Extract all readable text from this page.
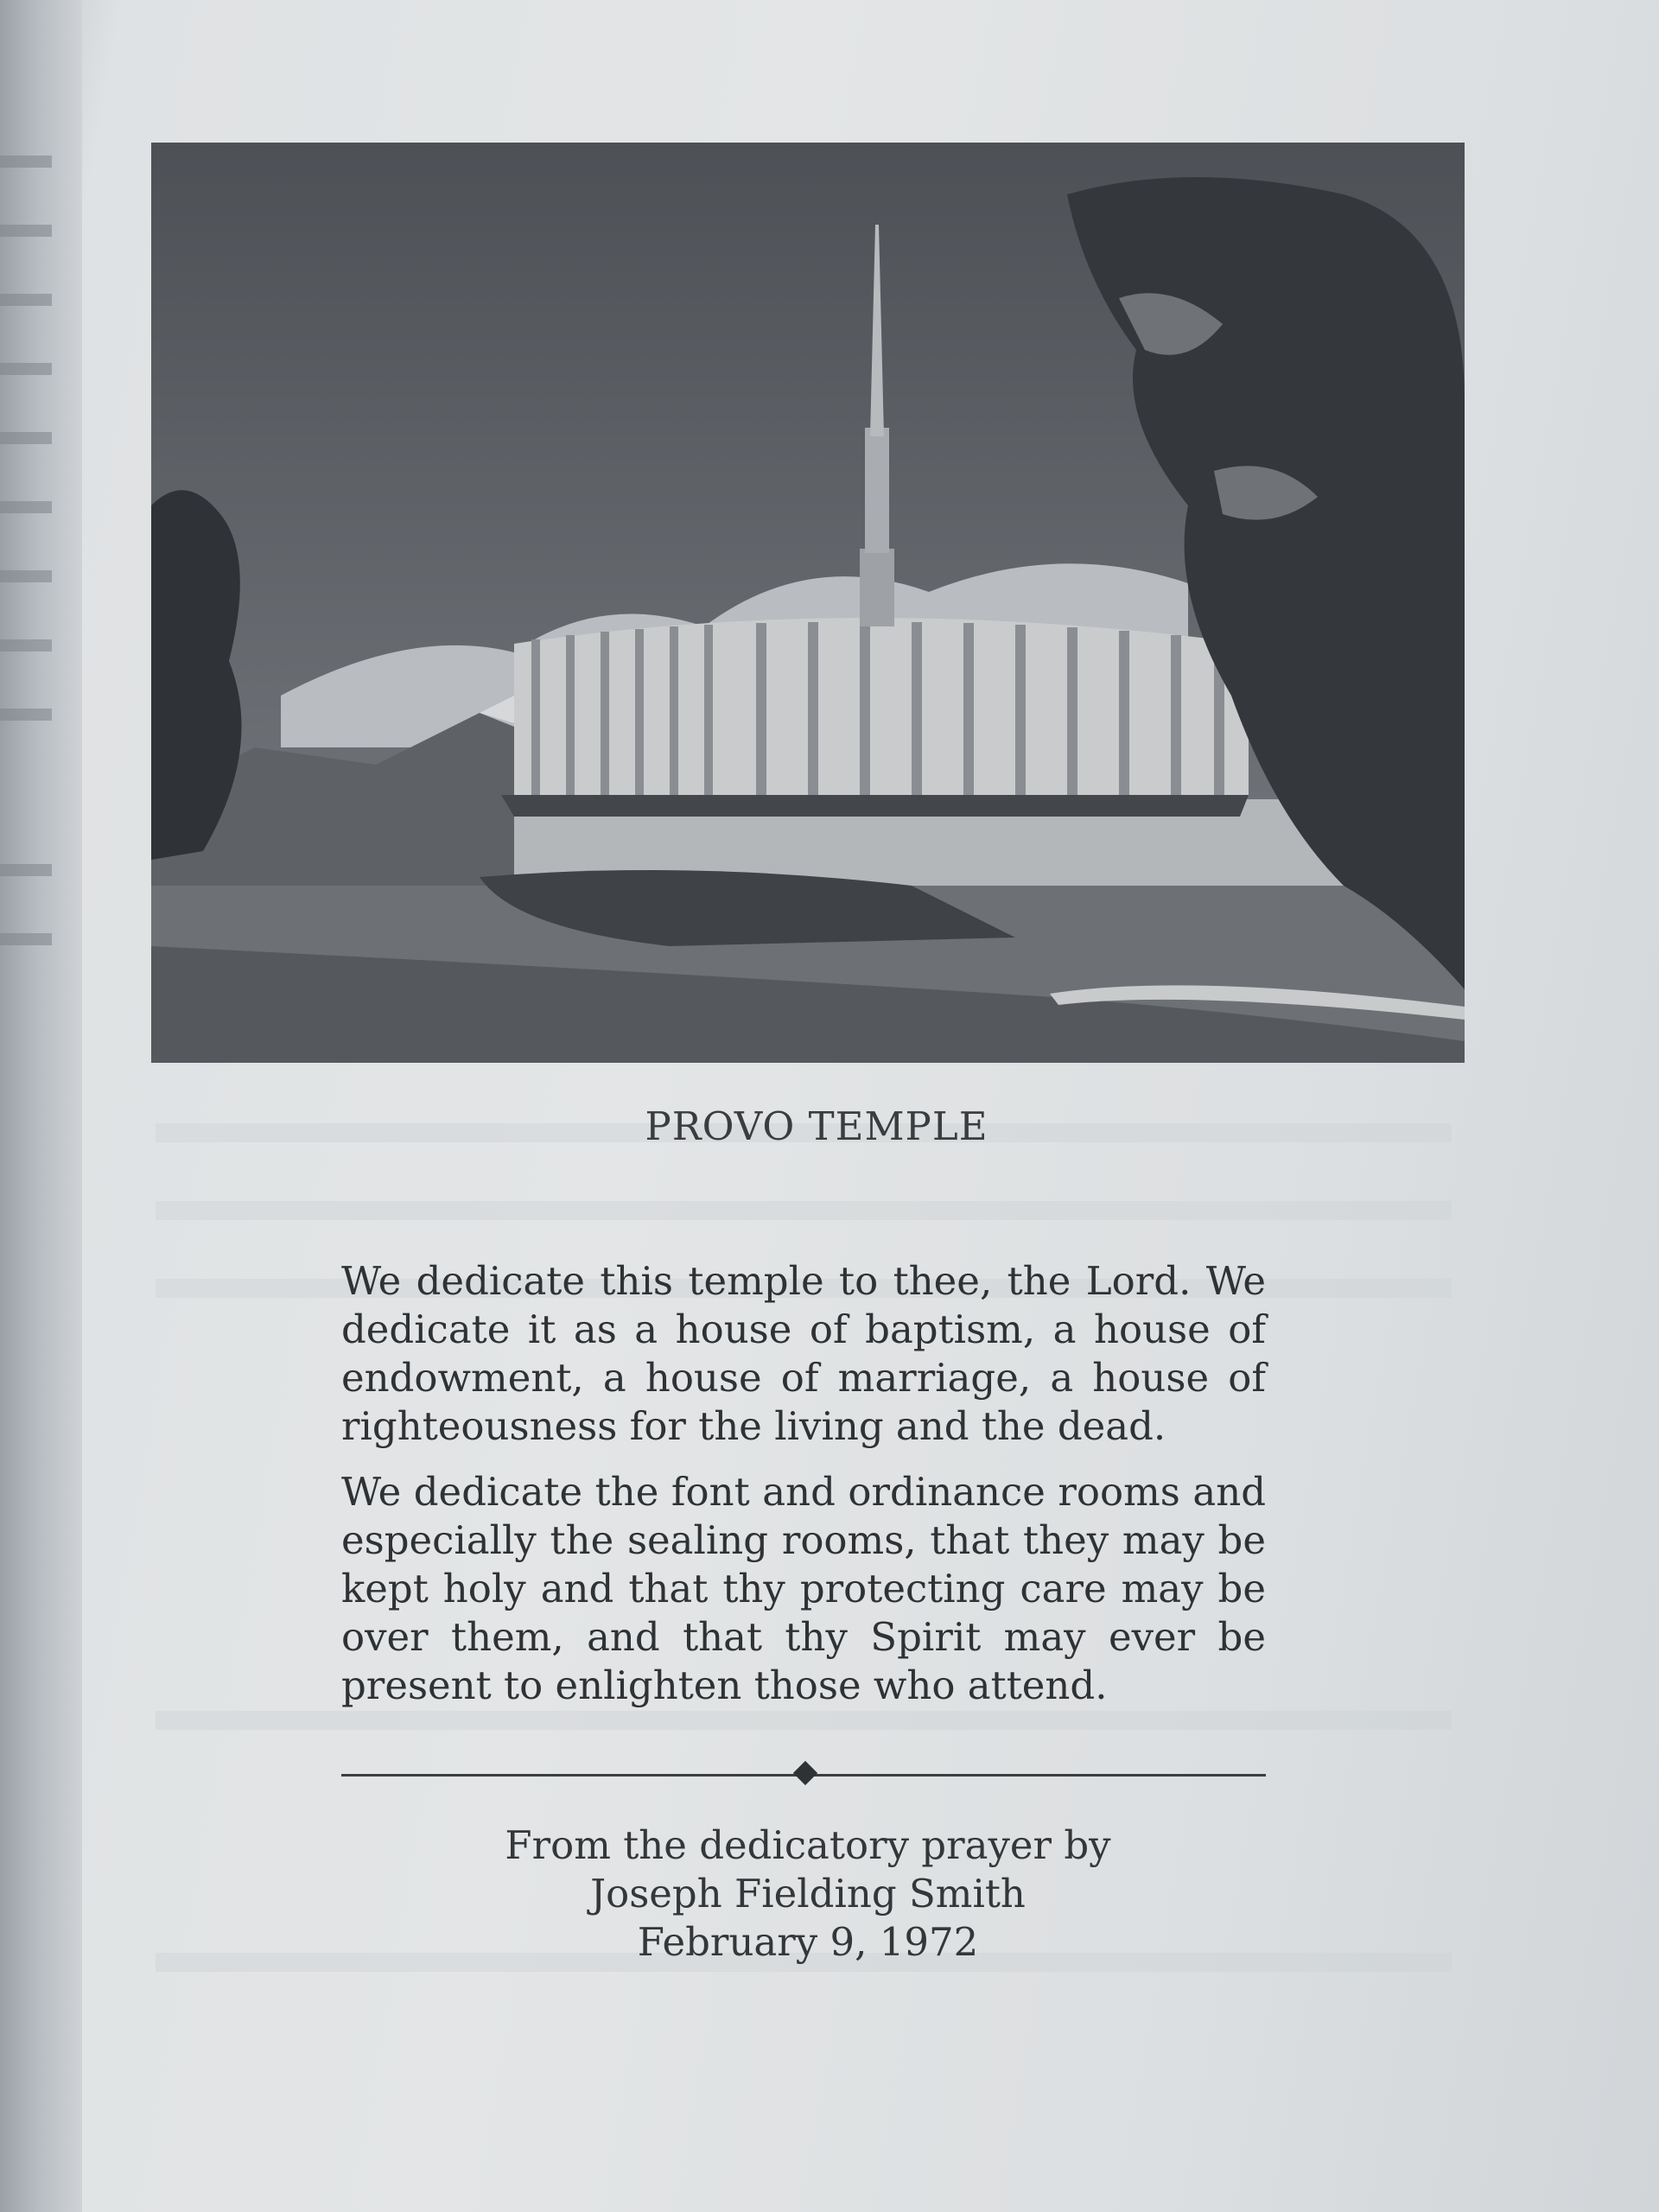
PROVO TEMPLE

We dedicate this temple to thee, the Lord. We dedicate it as a house of baptism, a house of endowment, a house of marriage, a house of righteousness for the living and the dead.

We dedicate the font and ordinance rooms and especially the sealing rooms, that they may be kept holy and that thy protecting care may be over them, and that thy Spirit may ever be present to enlighten those who attend.

From the dedicatory prayer by
Joseph Fielding Smith
February 9, 1972
